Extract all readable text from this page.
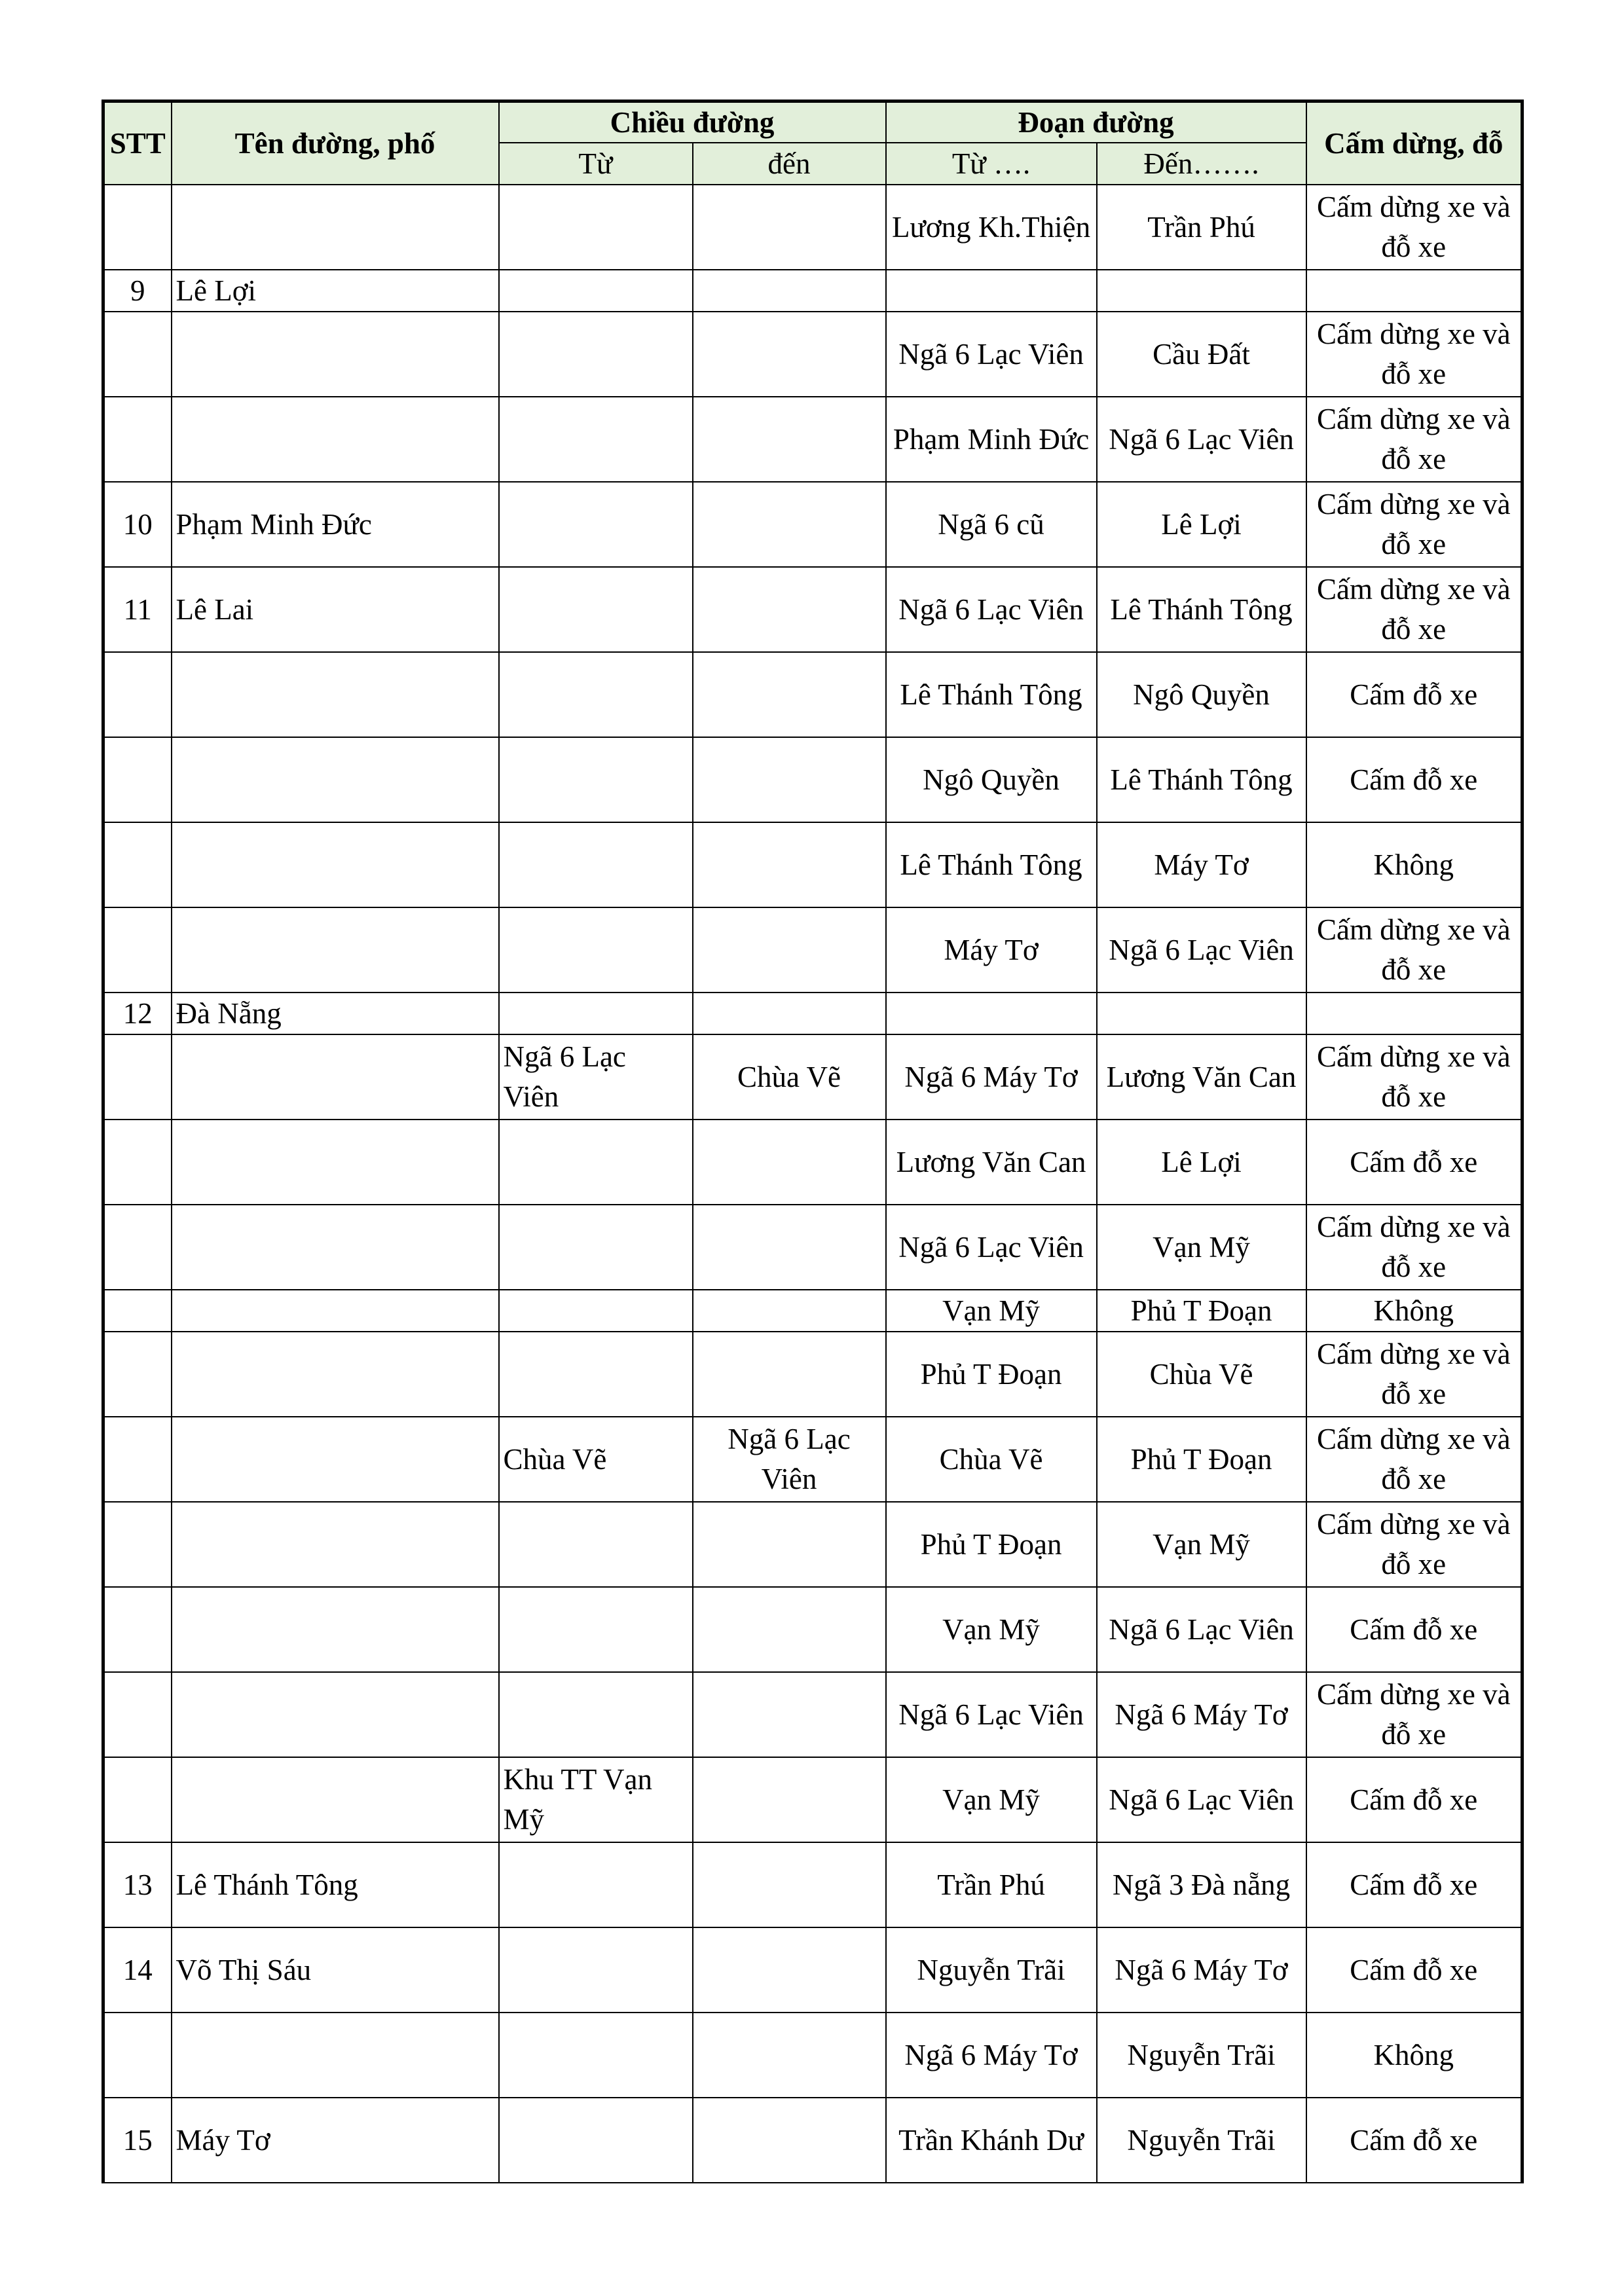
STT	Tên đường, phố	Chiều đường		Đoạn đường		Cấm dừng, đỗ
		Từ	đến	Từ ….	Đến…….	
				Lương Kh.Thiện	Trần Phú	Cấm dừng xe và đỗ xe
9	Lê Lợi					
				Ngã 6 Lạc Viên	Cầu Đất	Cấm dừng xe và đỗ xe
				Phạm Minh Đức	Ngã 6 Lạc Viên	Cấm dừng xe và đỗ xe
10	Phạm Minh Đức			Ngã 6 cũ	Lê Lợi	Cấm dừng xe và đỗ xe
11	Lê Lai			Ngã 6 Lạc Viên	Lê Thánh Tông	Cấm dừng xe và đỗ xe
				Lê Thánh Tông	Ngô Quyền	Cấm đỗ xe
				Ngô Quyền	Lê Thánh Tông	Cấm đỗ xe
				Lê Thánh Tông	Máy Tơ	Không
				Máy Tơ	Ngã 6 Lạc Viên	Cấm dừng xe và đỗ xe
12	Đà Nẵng					
		Ngã 6 Lạc Viên	Chùa Vẽ	Ngã 6 Máy Tơ	Lương Văn Can	Cấm dừng xe và đỗ xe
				Lương Văn Can	Lê Lợi	Cấm đỗ xe
				Ngã 6 Lạc Viên	Vạn Mỹ	Cấm dừng xe và đỗ xe
				Vạn Mỹ	Phủ T Đoạn	Không
				Phủ T Đoạn	Chùa Vẽ	Cấm dừng xe và đỗ xe
		Chùa Vẽ	Ngã 6 Lạc Viên	Chùa Vẽ	Phủ T Đoạn	Cấm dừng xe và đỗ xe
				Phủ T Đoạn	Vạn Mỹ	Cấm dừng xe và đỗ xe
				Vạn Mỹ	Ngã 6 Lạc Viên	Cấm đỗ xe
				Ngã 6 Lạc Viên	Ngã 6 Máy Tơ	Cấm dừng xe và đỗ xe
		Khu TT Vạn Mỹ		Vạn Mỹ	Ngã 6 Lạc Viên	Cấm đỗ xe
13	Lê Thánh Tông			Trần Phú	Ngã 3 Đà nẵng	Cấm đỗ xe
14	Võ Thị Sáu			Nguyễn Trãi	Ngã 6 Máy Tơ	Cấm đỗ xe
				Ngã 6 Máy Tơ	Nguyễn Trãi	Không
15	Máy Tơ			Trần Khánh Dư	Nguyễn Trãi	Cấm đỗ xe
